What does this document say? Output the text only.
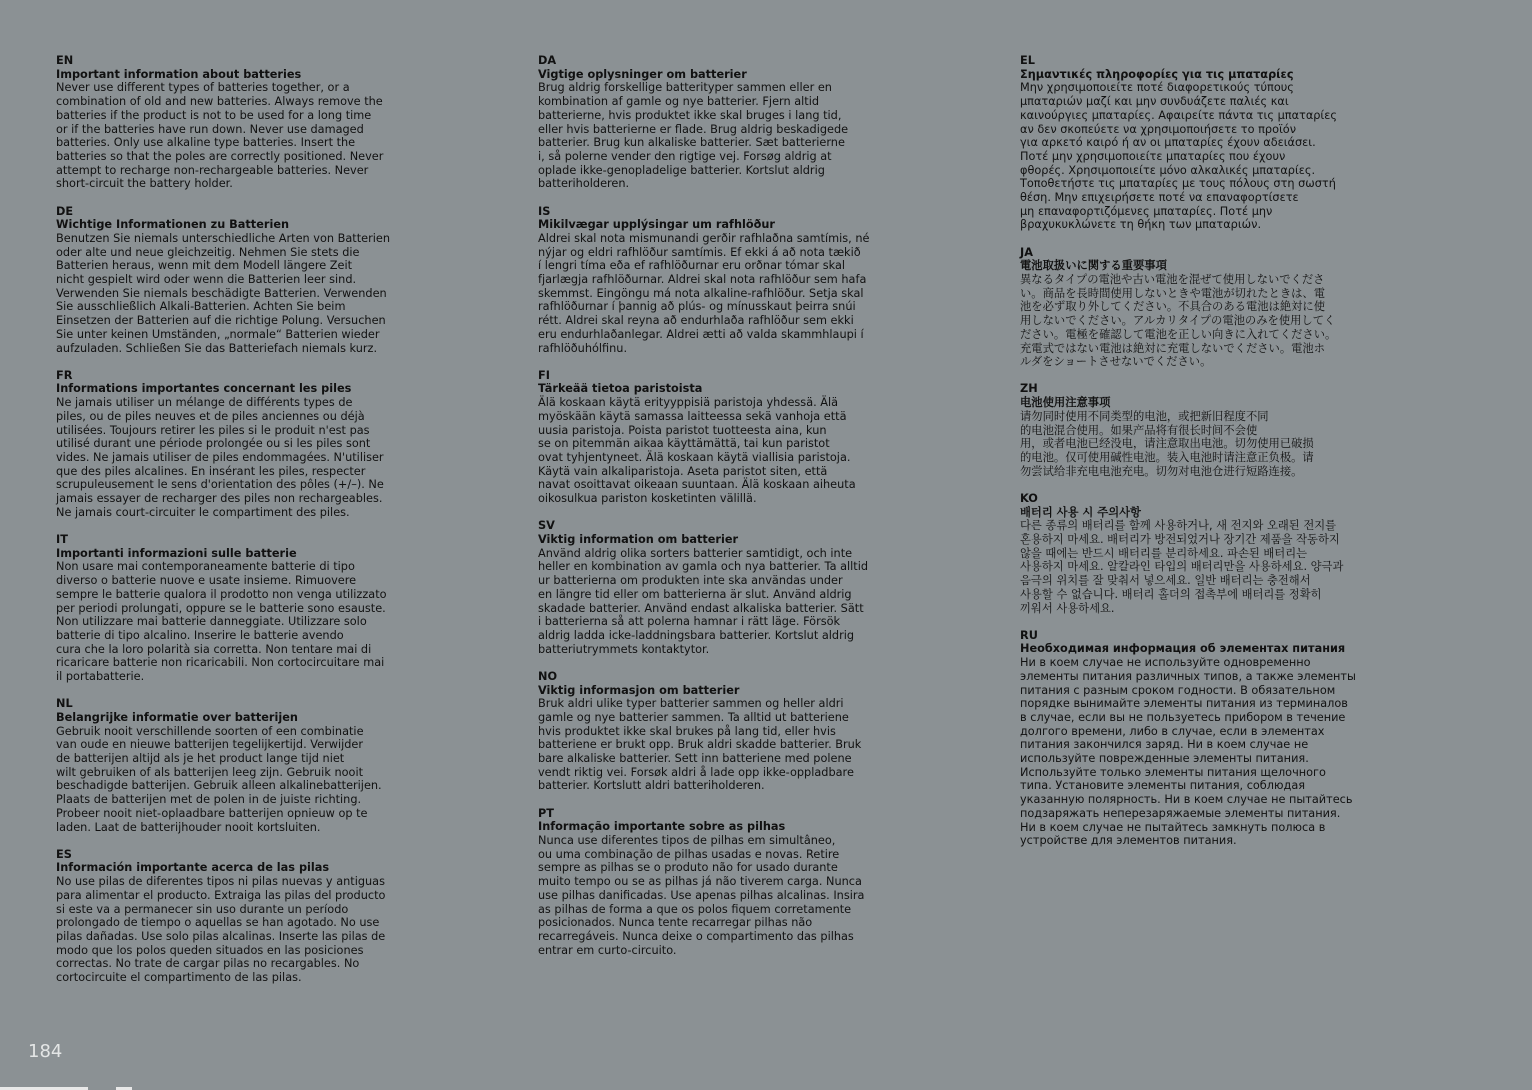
EN
Important information about batteries
Never use different types of batteries together, or a
combination of old and new batteries. Always remove the
batteries if the product is not to be used for a long time
or if the batteries have run down. Never use damaged
batteries. Only use alkaline type batteries. Insert the
batteries so that the poles are correctly positioned. Never
attempt to recharge non-rechargeable batteries. Never
short-circuit the battery holder.
DE
Wichtige Informationen zu Batterien
Benutzen Sie niemals unterschiedliche Arten von Batterien
oder alte und neue gleichzeitig. Nehmen Sie stets die
Batterien heraus, wenn mit dem Modell längere Zeit
nicht gespielt wird oder wenn die Batterien leer sind.
Verwenden Sie niemals beschädigte Batterien. Verwenden
Sie ausschließlich Alkali-Batterien. Achten Sie beim
Einsetzen der Batterien auf die richtige Polung. Versuchen
Sie unter keinen Umständen, „normale“ Batterien wieder
aufzuladen. Schließen Sie das Batteriefach niemals kurz.
FR
Informations importantes concernant les piles
Ne jamais utiliser un mélange de différents types de
piles, ou de piles neuves et de piles anciennes ou déjà
utilisées. Toujours retirer les piles si le produit n'est pas
utilisé durant une période prolongée ou si les piles sont
vides. Ne jamais utiliser de piles endommagées. N'utiliser
que des piles alcalines. En insérant les piles, respecter
scrupuleusement le sens d'orientation des pôles (+/–). Ne
jamais essayer de recharger des piles non rechargeables.
Ne jamais court-circuiter le compartiment des piles.
IT
Importanti informazioni sulle batterie
Non usare mai contemporaneamente batterie di tipo
diverso o batterie nuove e usate insieme. Rimuovere
sempre le batterie qualora il prodotto non venga utilizzato
per periodi prolungati, oppure se le batterie sono esauste.
Non utilizzare mai batterie danneggiate. Utilizzare solo
batterie di tipo alcalino. Inserire le batterie avendo
cura che la loro polarità sia corretta. Non tentare mai di
ricaricare batterie non ricaricabili. Non cortocircuitare mai
il portabatterie.
NL
Belangrijke informatie over batterijen
Gebruik nooit verschillende soorten of een combinatie
van oude en nieuwe batterijen tegelijkertijd. Verwijder
de batterijen altijd als je het product lange tijd niet
wilt gebruiken of als batterijen leeg zijn. Gebruik nooit
beschadigde batterijen. Gebruik alleen alkalinebatterijen.
Plaats de batterijen met de polen in de juiste richting.
Probeer nooit niet-oplaadbare batterijen opnieuw op te
laden. Laat de batterijhouder nooit kortsluiten.
ES
Información importante acerca de las pilas
No use pilas de diferentes tipos ni pilas nuevas y antiguas
para alimentar el producto. Extraiga las pilas del producto
si este va a permanecer sin uso durante un período
prolongado de tiempo o aquellas se han agotado. No use
pilas dañadas. Use solo pilas alcalinas. Inserte las pilas de
modo que los polos queden situados en las posiciones
correctas. No trate de cargar pilas no recargables. No
cortocircuite el compartimento de las pilas.
DA
Vigtige oplysninger om batterier
Brug aldrig forskellige batterityper sammen eller en
kombination af gamle og nye batterier. Fjern altid
batterierne, hvis produktet ikke skal bruges i lang tid,
eller hvis batterierne er flade. Brug aldrig beskadigede
batterier. Brug kun alkaliske batterier. Sæt batterierne
i, så polerne vender den rigtige vej. Forsøg aldrig at
oplade ikke-genopladelige batterier. Kortslut aldrig
batteriholderen.
IS
Mikilvægar upplýsingar um rafhlöður
Aldrei skal nota mismunandi gerðir rafhlaðna samtímis, né
nýjar og eldri rafhlöður samtímis. Ef ekki á að nota tækið
í lengri tíma eða ef rafhlöðurnar eru orðnar tómar skal
fjarlægja rafhlöðurnar. Aldrei skal nota rafhlöður sem hafa
skemmst. Eingöngu má nota alkaline-rafhlöður. Setja skal
rafhlöðurnar í þannig að plús- og mínusskaut þeirra snúi
rétt. Aldrei skal reyna að endurhlaða rafhlöður sem ekki
eru endurhlaðanlegar. Aldrei ætti að valda skammhlaupi í
rafhlöðuhólfinu.
FI
Tärkeää tietoa paristoista
Älä koskaan käytä erityyppisiä paristoja yhdessä. Älä
myöskään käytä samassa laitteessa sekä vanhoja että
uusia paristoja. Poista paristot tuotteesta aina, kun
se on pitemmän aikaa käyttämättä, tai kun paristot
ovat tyhjentyneet. Älä koskaan käytä viallisia paristoja.
Käytä vain alkaliparistoja. Aseta paristot siten, että
navat osoittavat oikeaan suuntaan. Älä koskaan aiheuta
oikosulkua pariston kosketinten välillä.
SV
Viktig information om batterier
Använd aldrig olika sorters batterier samtidigt, och inte
heller en kombination av gamla och nya batterier. Ta alltid
ur batterierna om produkten inte ska användas under
en längre tid eller om batterierna är slut. Använd aldrig
skadade batterier. Använd endast alkaliska batterier. Sätt
i batterierna så att polerna hamnar i rätt läge. Försök
aldrig ladda icke-laddningsbara batterier. Kortslut aldrig
batteriutrymmets kontaktytor.
NO
Viktig informasjon om batterier
Bruk aldri ulike typer batterier sammen og heller aldri
gamle og nye batterier sammen. Ta alltid ut batteriene
hvis produktet ikke skal brukes på lang tid, eller hvis
batteriene er brukt opp. Bruk aldri skadde batterier. Bruk
bare alkaliske batterier. Sett inn batteriene med polene
vendt riktig vei. Forsøk aldri å lade opp ikke-oppladbare
batterier. Kortslutt aldri batteriholderen.
PT
Informação importante sobre as pilhas
Nunca use diferentes tipos de pilhas em simultâneo,
ou uma combinação de pilhas usadas e novas. Retire
sempre as pilhas se o produto não for usado durante
muito tempo ou se as pilhas já não tiverem carga. Nunca
use pilhas danificadas. Use apenas pilhas alcalinas. Insira
as pilhas de forma a que os polos fiquem corretamente
posicionados. Nunca tente recarregar pilhas não
recarregáveis. Nunca deixe o compartimento das pilhas
entrar em curto-circuito.
EL
Σημαντικές πληροφορίες για τις μπαταρίες
Μην χρησιμοποιείτε ποτέ διαφορετικούς τύπους
μπαταριών μαζί και μην συνδυάζετε παλιές και
καινούργιες μπαταρίες. Αφαιρείτε πάντα τις μπαταρίες
αν δεν σκοπεύετε να χρησιμοποιήσετε το προϊόν
για αρκετό καιρό ή αν οι μπαταρίες έχουν αδειάσει.
Ποτέ μην χρησιμοποιείτε μπαταρίες που έχουν
φθορές. Χρησιμοποιείτε μόνο αλκαλικές μπαταρίες.
Τοποθετήστε τις μπαταρίες με τους πόλους στη σωστή
θέση. Μην επιχειρήσετε ποτέ να επαναφορτίσετε
μη επαναφορτιζόμενες μπαταρίες. Ποτέ μην
βραχυκυκλώνετε τη θήκη των μπαταριών.
JA
電池取扱いに関する重要事項
異なるタイプの電池や古い電池を混ぜて使用しないでくださ
い。商品を長時間使用しないときや電池が切れたときは、電
池を必ず取り外してください。不具合のある電池は絶対に使
用しないでください。アルカリタイプの電池のみを使用してく
ださい。電極を確認して電池を正しい向きに入れてください。
充電式ではない電池は絶対に充電しないでください。電池ホ
ルダをショートさせないでください。
ZH
电池使用注意事项
请勿同时使用不同类型的电池，或把新旧程度不同
的电池混合使用。如果产品将有很长时间不会使
用，或者电池已经没电，请注意取出电池。切勿使用已破损
的电池。仅可使用碱性电池。装入电池时请注意正负极。请
勿尝试给非充电电池充电。切勿对电池仓进行短路连接。
KO
배터리 사용 시 주의사항
다른 종류의 배터리를 함께 사용하거나, 새 전지와 오래된 전지를
혼용하지 마세요. 배터리가 방전되었거나 장기간 제품을 작동하지
않을 때에는 반드시 배터리를 분리하세요. 파손된 배터리는
사용하지 마세요. 알칼라인 타입의 배터리만을 사용하세요. 양극과
음극의 위치를 잘 맞춰서 넣으세요. 일반 배터리는 충전해서
사용할 수 없습니다. 배터리 홀더의 접촉부에 배터리를 정확히
끼워서 사용하세요.
RU
Необходимая информация об элементах питания
Ни в коем случае не используйте одновременно
элементы питания различных типов, а также элементы
питания с разным сроком годности. В обязательном
порядке вынимайте элементы питания из терминалов
в случае, если вы не пользуетесь прибором в течение
долгого времени, либо в случае, если в элементах
питания закончился заряд. Ни в коем случае не
используйте поврежденные элементы питания.
Используйте только элементы питания щелочного
типа. Установите элементы питания, соблюдая
указанную полярность. Ни в коем случае не пытайтесь
подзаряжать неперезаряжаемые элементы питания.
Ни в коем случае не пытайтесь замкнуть полюса в
устройстве для элементов питания.
184
